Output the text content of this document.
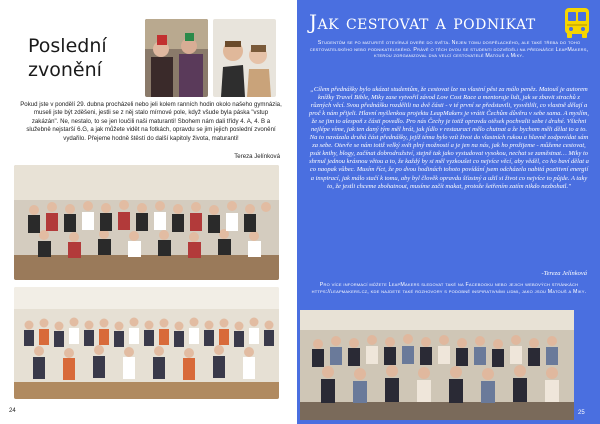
Poslední
zvonění
Pokud jste v pondělí 29. dubna procházeli nebo jeli kolem ranních hodin okolo našeho gymnázia, museli jste být zděšeni, jestli se z něj stalo mírnové pole, když všude byla páska "vstup zakázán". Ne, nestalo, to se jen loučili naši maturanti! Sbohem nám dali třídy 4. A, 4. B a služebně nejstarší 6.G, a jak můžete vidět na fotkách, opravdu se jim jejich poslední zvonění vydařilo. Přejeme hodně štěstí do další kapitoly života, maturanti!
Tereza Jelínková
24
Jak cestovat a podnikat
Studentům se po maturitě otevírají dveře do světa. Nejen tomu dospělackého, ale také třeba do toho cestovatelského nebo podnikatelského. Právě o těch dvou se studenti dozvěděli na přednášce LeapMakers, kterou zorganizoval dva velcí cestovatelé Matouš a Miky.
„Cílem přednášky bylo ukázat studentům, že cestovat lze na vlastní pěst za málo peněz. Matouš je autorem knížky Travel Bible, Miky zase vytvořil závod Low Cost Race a mentoruje lidi, jak se zbavit strachů z různých věcí. Svou přednášku rozdělili na dvě části - v té první se představili, vysvětlili, co vlastně dělají a proč k nám přijeli. Hlavní myšlenkou projektu LeapMakers je vrátit Čechům důvěru v sebe sama. A myslím, že se jim to alespoň z části povedlo. Pro nás Čechy je totiž opravdu otěsek pochvalit sebe i druhé. Všichni nejlépe víme, jak ten daný tým měl hrát, jak jídlo v restauraci mělo chutnat a že bychom měli dělat to a to. Na to navázala druhá část přednášky, jejíž téma bylo vzít život do vlastních rukou a hlavně zodpovídat sám za sebe. Otevře se nám totiž velký svět plný možností a je jen na nás, jak ho prožijeme - můžeme cestovat, psát knihy, blogy, začínat dobrodružství, stejně tak jako vystudovat vysokou, nechat se zaměstnat… Miky to shrnul jednou krásnou větou a to, že každý by si měl vyzkoušet co nejvíce věcí, aby věděl, co ho baví dělat a co naopak vůbec. Musím říct, že po dvou hodinách tohoto povídání jsem odcházela nabitá pozitivní energií a inspirací, jak málo stačí k tomu, aby byl člověk opravdu šťastný a užil si život co nejvíce to půjde. A taky to, že jestli chceme zbohatnout, musíme začít makat, protože šetřením zatím nikdo nezbohatl."
-Tereza Jelínková
Pro více informací můžete LeapMakers sledovat také na Facebooku nebo jejich webových stránkách https://leapmakers.cz, kde najdete také rozhovory s podobně inspirativními lidmi, jako jsou Matouš a Miky.
25
